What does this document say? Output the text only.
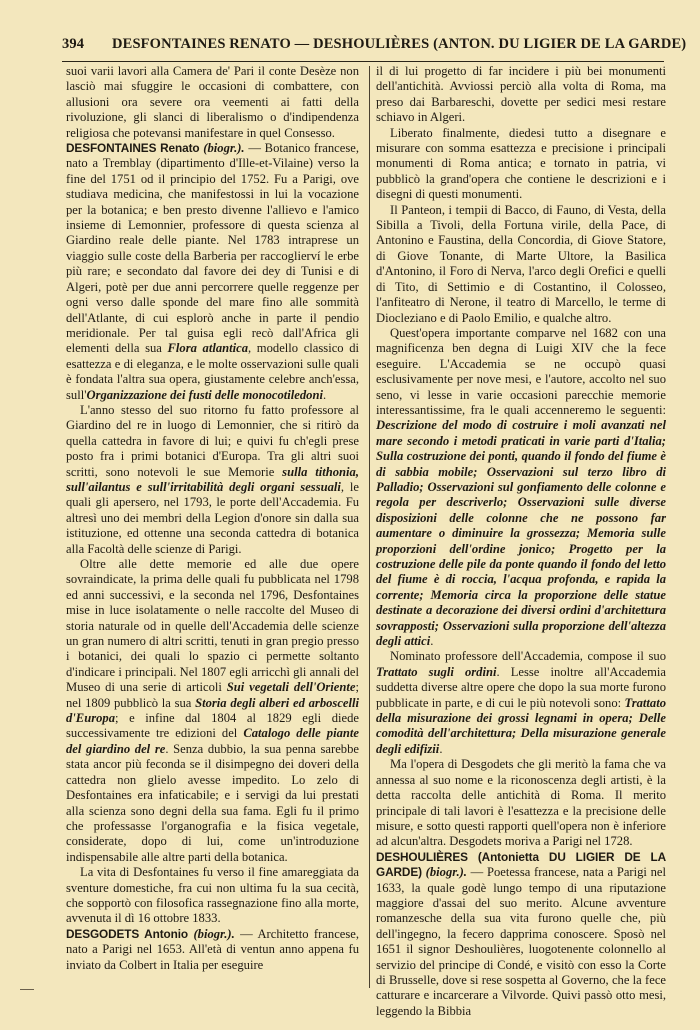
394 DESFONTAINES RENATO — DESHOULIÈRES (ANTON. DU LIGIER DE LA GARDE)

suoi varii lavori alla Camera de' Pari il conte Desèze non lasciò mai sfuggire le occasioni di combattere, con allusioni ora severe ora veementi ai fatti della rivoluzione, gli slanci di liberalismo o d'indipendenza religiosa che potevansi manifestare in quel Consesso.

DESFONTAINES Renato (biogr.). — Botanico francese, nato a Tremblay (dipartimento d'Ille-et-Vilaine) verso la fine del 1751 od il principio del 1752. Fu a Parigi, ove studiava medicina, che manifestossi in lui la vocazione per la botanica; e ben presto divenne l'allievo e l'amico insieme di Lemonnier, professore di questa scienza al Giardino reale delle piante. Nel 1783 intraprese un viaggio sulle coste della Barberia per raccoglierví le erbe più rare; e secondato dal favore dei dey di Tunisi e di Algeri, potè per due anni percorrere quelle reggenze per ogni verso dalle sponde del mare fino alle sommità dell'Atlante, di cui esplorò anche in parte il pendio meridionale. Per tal guisa egli recò dall'Africa gli elementi della sua Flora atlantica, modello classico di esattezza e di eleganza, e le molte osservazioni sulle quali è fondata l'altra sua opera, giustamente celebre anch'essa, sull'Organizzazione dei fusti delle monocotiledoni.

L'anno stesso del suo ritorno fu fatto professore al Giardino del re in luogo di Lemonnier, che si ritirò da quella cattedra in favore di lui; e quivi fu ch'egli prese posto fra i primi botanici d'Europa. Tra gli altri suoi scritti, sono notevoli le sue Memorie sulla tithonia, sull'ailantus e sull'irritabilità degli organi sessuali, le quali gli apersero, nel 1793, le porte dell'Accademia. Fu altresì uno dei membri della Legion d'onore sin dalla sua istituzione, ed ottenne una seconda cattedra di botanica alla Facoltà delle scienze di Parigi.

Oltre alle dette memorie ed alle due opere sovraindicate, la prima delle quali fu pubblicata nel 1798 ed anni successivi, e la seconda nel 1796, Desfontaines mise in luce isolatamente o nelle raccolte del Museo di storia naturale od in quelle dell'Accademia delle scienze un gran numero di altri scritti, tenuti in gran pregio presso i botanici, dei quali lo spazio ci permette soltanto d'indicare i principali. Nel 1807 egli arricchì gli annali del Museo di una serie di articoli Sui vegetali dell'Oriente; nel 1809 pubblicò la sua Storia degli alberi ed arboscelli d'Europa; e infine dal 1804 al 1829 egli diede successivamente tre edizioni del Catalogo delle piante del giardino del re. Senza dubbio, la sua penna sarebbe stata ancor più feconda se il disimpegno dei doveri della cattedra non glielo avesse impedito. Lo zelo di Desfontaines era infaticabile; e i servigi da lui prestati alla scienza sono degni della sua fama. Egli fu il primo che professasse l'organografia e la fisica vegetale, considerate, dopo di lui, come un'introduzione indispensabile alle altre parti della botanica.

La vita di Desfontaines fu verso il fine amareggiata da sventure domestiche, fra cui non ultima fu la sua cecità, che sopportò con filosofica rassegnazione fino alla morte, avvenuta il dì 16 ottobre 1833.

DESGODETS Antonio (biogr.). — Architetto francese, nato a Parigi nel 1653. All'età di ventun anno appena fu inviato da Colbert in Italia per eseguire

il di lui progetto di far incidere i più bei monumenti dell'antichità. Avviossi perciò alla volta di Roma, ma preso dai Barbareschi, dovette per sedici mesi restare schiavo in Algeri.

Liberato finalmente, diedesi tutto a disegnare e misurare con somma esattezza e precisione i principali monumenti di Roma antica; e tornato in patria, vi pubblicò la grand'opera che contiene le descrizioni e i disegni di questi monumenti.

Il Panteon, i tempii di Bacco, di Fauno, di Vesta, della Sibilla a Tivoli, della Fortuna virile, della Pace, di Antonino e Faustina, della Concordia, di Giove Statore, di Giove Tonante, di Marte Ultore, la Basilica d'Antonino, il Foro di Nerva, l'arco degli Orefici e quelli di Tito, di Settimio e di Costantino, il Colosseo, l'anfiteatro di Nerone, il teatro di Marcello, le terme di Diocleziano e di Paolo Emilio, e qualche altro.

Quest'opera importante comparve nel 1682 con una magnificenza ben degna di Luigi XIV che la fece eseguire. L'Accademia se ne occupò quasi esclusivamente per nove mesi, e l'autore, accolto nel suo seno, vi lesse in varie occasioni parecchie memorie interessantissime, fra le quali accenneremo le seguenti: Descrizione del modo di costruire i moli avanzati nel mare secondo i metodi praticati in varie parti d'Italia; Sulla costruzione dei ponti, quando il fondo del fiume è di sabbia mobile; Osservazioni sul terzo libro di Palladio; Osservazioni sul gonfiamento delle colonne e regola per descriverlo; Osservazioni sulle diverse disposizioni delle colonne che ne possono far aumentare o diminuire la grossezza; Memoria sulle proporzioni dell'ordine jonico; Progetto per la costruzione delle pile da ponte quando il fondo del letto del fiume è di roccia, l'acqua profonda, e rapida la corrente; Memoria circa la proporzione delle statue destinate a decorazione dei diversi ordini d'architettura sovrapposti; Osservazioni sulla proporzione dell'altezza degli attici.

Nominato professore dell'Accademia, compose il suo Trattato sugli ordini. Lesse inoltre all'Accademia suddetta diverse altre opere che dopo la sua morte furono pubblicate in parte, e di cui le più notevoli sono: Trattato della misurazione dei grossi legnami in opera; Delle comodità dell'architettura; Della misurazione generale degli edifizii.

Ma l'opera di Desgodets che gli meritò la fama che va annessa al suo nome e la riconoscenza degli artisti, è la detta raccolta delle antichità di Roma. Il merito principale di tali lavori è l'esattezza e la precisione delle misure, e sotto questi rapporti quell'opera non è inferiore ad alcun'altra. Desgodets moriva a Parigi nel 1728.

DESHOULIÈRES (Antonietta DU LIGIER DE LA GARDE) (biogr.). — Poetessa francese, nata a Parigi nel 1633, la quale godè lungo tempo di una riputazione maggiore d'assai del suo merito. Alcune avventure romanzesche della sua vita furono quelle che, più dell'ingegno, la fecero dapprima conoscere. Sposò nel 1651 il signor Deshoulières, luogotenente colonnello al servizio del principe di Condé, e visitò con esso la Corte di Brusselle, dove si rese sospetta al Governo, che la fece catturare e incarcerare a Vilvorde. Quivi passò otto mesi, leggendo la Bibbia
